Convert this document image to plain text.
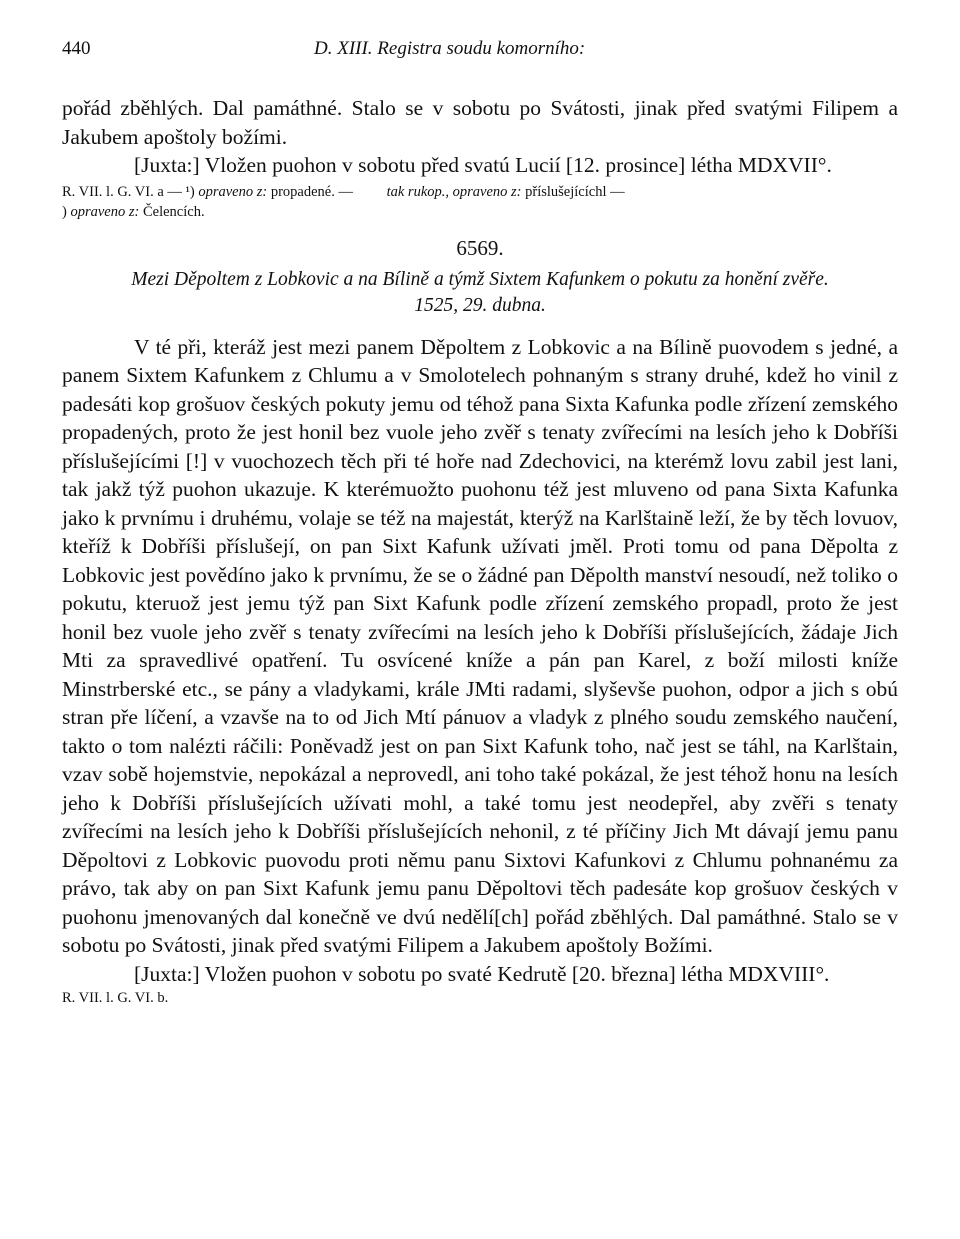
440	D. XIII. Registra soudu komorního:

pořád zběhlých. Dal památhné. Stalo se v sobotu po Svátosti, jinak před svatými Filipem a Jakubem apoštoly božími.

[Juxta:] Vložen puohon v sobotu před svatú Lucií [12. prosince] létha MDXVII°.

R. VII. l. G. VI. a — ¹) opraveno z: propadené. — tak rukop., opraveno z: příslušejícíchl —

) opraveno z: Čelencích.

6569.
Mezi Děpoltem z Lobkovic a na Bílině a týmž Sixtem Kafunkem o pokutu za honění zvěře.
1525, 29. dubna.

V té při, kteráž jest mezi panem Děpoltem z Lobkovic a na Bílině puovodem s jedné, a panem Sixtem Kafunkem z Chlumu a v Smolotelech pohnaným s strany druhé, kdež ho vinil z padesáti kop grošuov českých pokuty jemu od téhož pana Sixta Kafunka podle zřízení zemského propadených, proto že jest honil bez vuole jeho zvěř s tenaty zvířecími na lesích jeho k Dobříši příslušejícími [!] v vuochozech těch při té hoře nad Zdechovici, na kterémž lovu zabil jest lani, tak jakž týž puohon ukazuje. K kterémuožto puohonu též jest mluveno od pana Sixta Kafunka jako k prvnímu i druhému, volaje se též na majestát, kterýž na Karlštaině leží, že by těch lovuov, kteříž k Dobříši příslušejí, on pan Sixt Kafunk užívati jměl. Proti tomu od pana Děpolta z Lobkovic jest povědíno jako k prvnímu, že se o žádné pan Děpolth manství nesoudí, než toliko o pokutu, kteruož jest jemu týž pan Sixt Kafunk podle zřízení zemského propadl, proto že jest honil bez vuole jeho zvěř s tenaty zvířecími na lesích jeho k Dobříši příslušejících, žádaje Jich Mti za spravedlivé opatření. Tu osvícené kníže a pán pan Karel, z boží milosti kníže Minstrberské etc., se pány a vladykami, krále JMti radami, slyševše puohon, odpor a jich s obú stran pře líčení, a vzavše na to od Jich Mtí pánuov a vladyk z plného soudu zemského naučení, takto o tom nalézti ráčili: Poněvadž jest on pan Sixt Kafunk toho, nač jest se táhl, na Karlštain, vzav sobě hojemstvie, nepokázal a neprovedl, ani toho také pokázal, že jest téhož honu na lesích jeho k Dobříši příslušejících užívati mohl, a také tomu jest neodepřel, aby zvěři s tenaty zvířecími na lesích jeho k Dobříši příslušejících nehonil, z té příčiny Jich Mt dávají jemu panu Děpoltovi z Lobkovic puovodu proti němu panu Sixtovi Kafunkovi z Chlumu pohnanému za právo, tak aby on pan Sixt Kafunk jemu panu Děpoltovi těch padesáte kop grošuov českých v puohonu jmenovaných dal konečně ve dvú nedělí[ch] pořád zběhlých. Dal památhné. Stalo se v sobotu po Svátosti, jinak před svatými Filipem a Jakubem apoštoly Božími.

[Juxta:] Vložen puohon v sobotu po svaté Kedrutě [20. března] létha MDXVIII°.

R. VII. l. G. VI. b.
